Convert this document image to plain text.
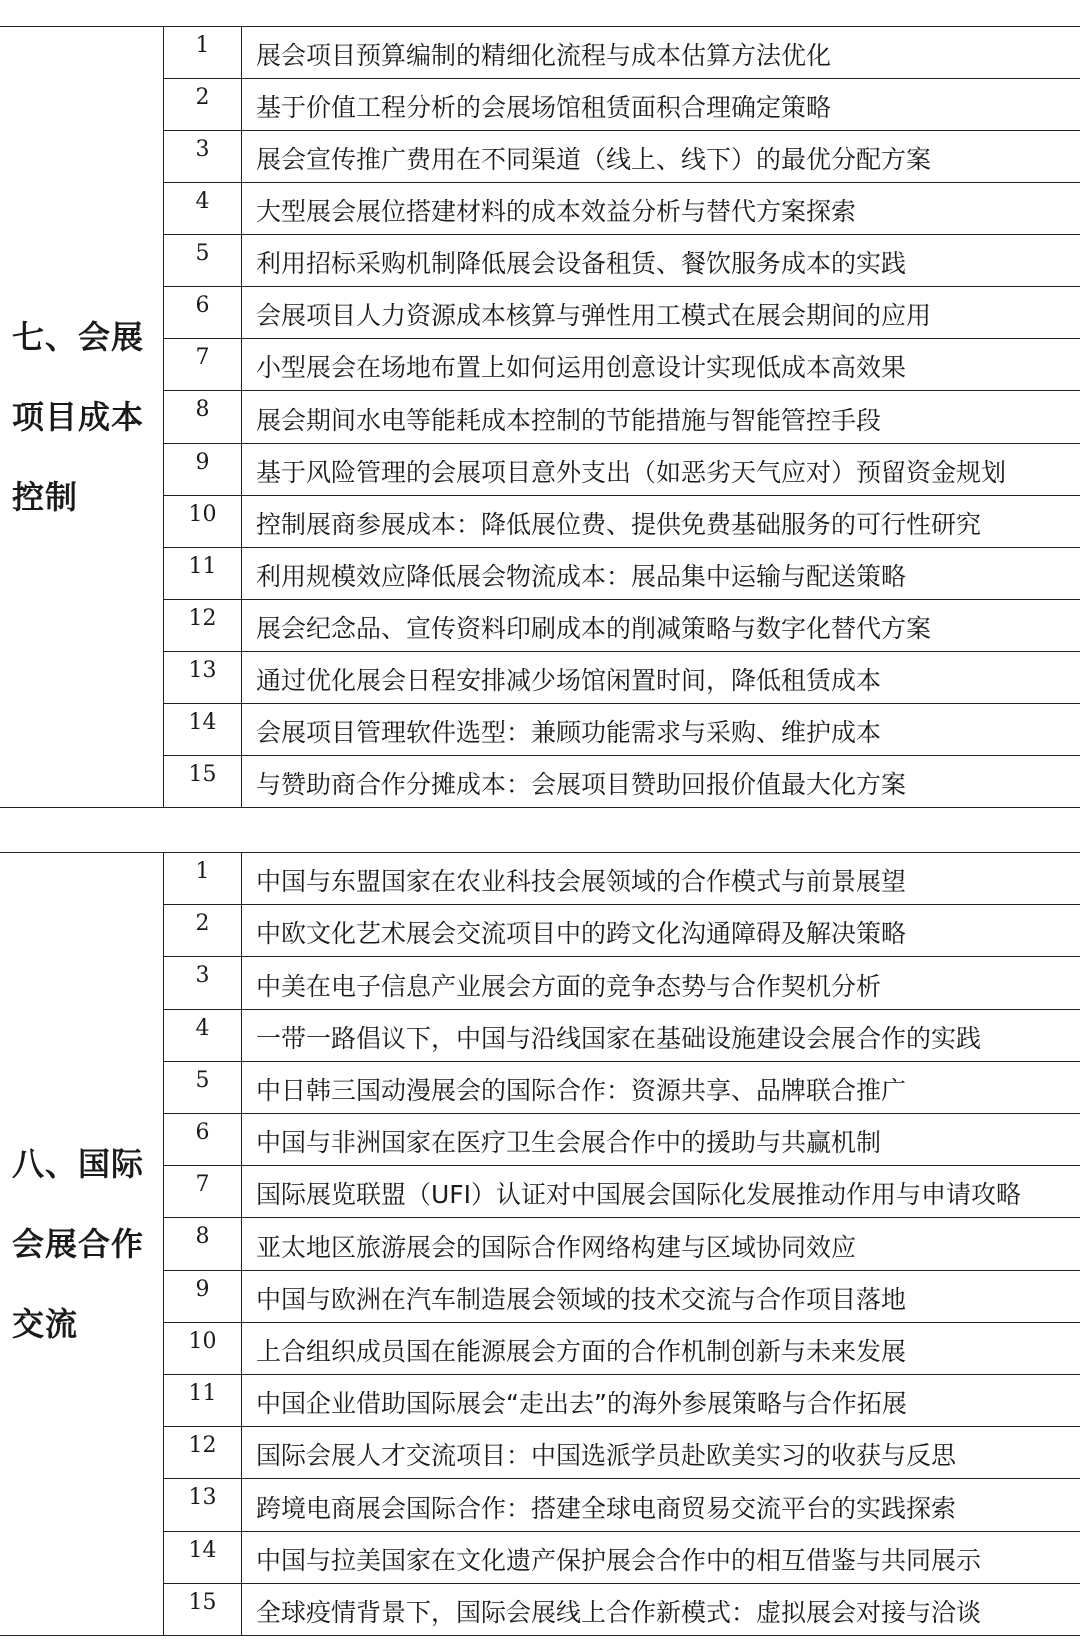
七、会展项目成本控制
1	展会项目预算编制的精细化流程与成本估算方法优化
2	基于价值工程分析的会展场馆租赁面积合理确定策略
3	展会宣传推广费用在不同渠道（线上、线下）的最优分配方案
4	大型展会展位搭建材料的成本效益分析与替代方案探索
5	利用招标采购机制降低展会设备租赁、餐饮服务成本的实践
6	会展项目人力资源成本核算与弹性用工模式在展会期间的应用
7	小型展会在场地布置上如何运用创意设计实现低成本高效果
8	展会期间水电等能耗成本控制的节能措施与智能管控手段
9	基于风险管理的会展项目意外支出（如恶劣天气应对）预留资金规划
10	控制展商参展成本：降低展位费、提供免费基础服务的可行性研究
11	利用规模效应降低展会物流成本：展品集中运输与配送策略
12	展会纪念品、宣传资料印刷成本的削减策略与数字化替代方案
13	通过优化展会日程安排减少场馆闲置时间，降低租赁成本
14	会展项目管理软件选型：兼顾功能需求与采购、维护成本
15	与赞助商合作分摊成本：会展项目赞助回报价值最大化方案
八、国际会展合作交流
1	中国与东盟国家在农业科技会展领域的合作模式与前景展望
2	中欧文化艺术展会交流项目中的跨文化沟通障碍及解决策略
3	中美在电子信息产业展会方面的竞争态势与合作契机分析
4	一带一路倡议下，中国与沿线国家在基础设施建设会展合作的实践
5	中日韩三国动漫展会的国际合作：资源共享、品牌联合推广
6	中国与非洲国家在医疗卫生会展合作中的援助与共赢机制
7	国际展览联盟（UFI）认证对中国展会国际化发展推动作用与申请攻略
8	亚太地区旅游展会的国际合作网络构建与区域协同效应
9	中国与欧洲在汽车制造展会领域的技术交流与合作项目落地
10	上合组织成员国在能源展会方面的合作机制创新与未来发展
11	中国企业借助国际展会“走出去”的海外参展策略与合作拓展
12	国际会展人才交流项目：中国选派学员赴欧美实习的收获与反思
13	跨境电商展会国际合作：搭建全球电商贸易交流平台的实践探索
14	中国与拉美国家在文化遗产保护展会合作中的相互借鉴与共同展示
15	全球疫情背景下，国际会展线上合作新模式：虚拟展会对接与洽谈
